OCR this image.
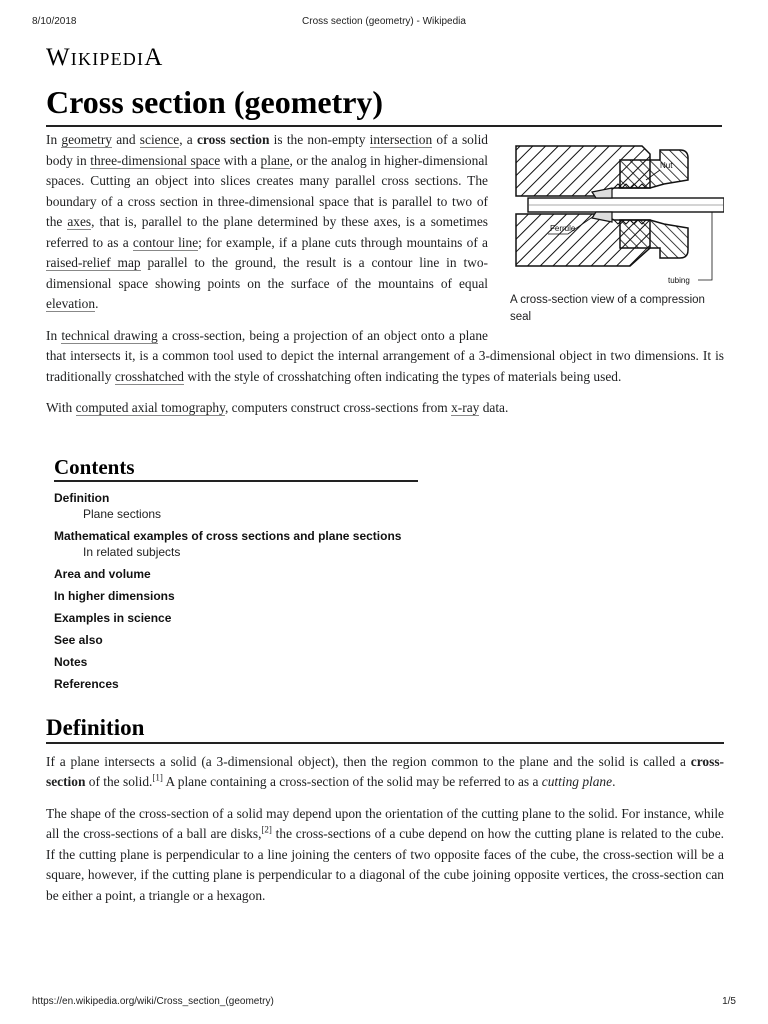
8/10/2018	Cross section (geometry) - Wikipedia
WIKIPEDIA
Cross section (geometry)
Nut
Ferrule
tubing
A cross-section view of a compression seal

In geometry and science, a cross section is the non-empty intersection of a solid body in three-dimensional space with a plane, or the analog in higher-dimensional spaces. Cutting an object into slices creates many parallel cross sections. The boundary of a cross section in three-dimensional space that is parallel to two of the axes, that is, parallel to the plane determined by these axes, is a sometimes referred to as a contour line; for example, if a plane cuts through mountains of a raised-relief map parallel to the ground, the result is a contour line in two-dimensional space showing points on the surface of the mountains of equal elevation.

In technical drawing a cross-section, being a projection of an object onto a plane that intersects it, is a common tool used to depict the internal arrangement of a 3-dimensional object in two dimensions. It is traditionally crosshatched with the style of crosshatching often indicating the types of materials being used.

With computed axial tomography, computers construct cross-sections from x-ray data.

Contents
Definition
Plane sections
Mathematical examples of cross sections and plane sections
In related subjects
Area and volume
In higher dimensions
Examples in science
See also
Notes
References
Definition

If a plane intersects a solid (a 3-dimensional object), then the region common to the plane and the solid is called a cross-section of the solid.[1] A plane containing a cross-section of the solid may be referred to as a cutting plane.

The shape of the cross-section of a solid may depend upon the orientation of the cutting plane to the solid. For instance, while all the cross-sections of a ball are disks,[2] the cross-sections of a cube depend on how the cutting plane is related to the cube. If the cutting plane is perpendicular to a line joining the centers of two opposite faces of the cube, the cross-section will be a square, however, if the cutting plane is perpendicular to a diagonal of the cube joining opposite vertices, the cross-section can be either a point, a triangle or a hexagon.

https://en.wikipedia.org/wiki/Cross_section_(geometry)	1/5
